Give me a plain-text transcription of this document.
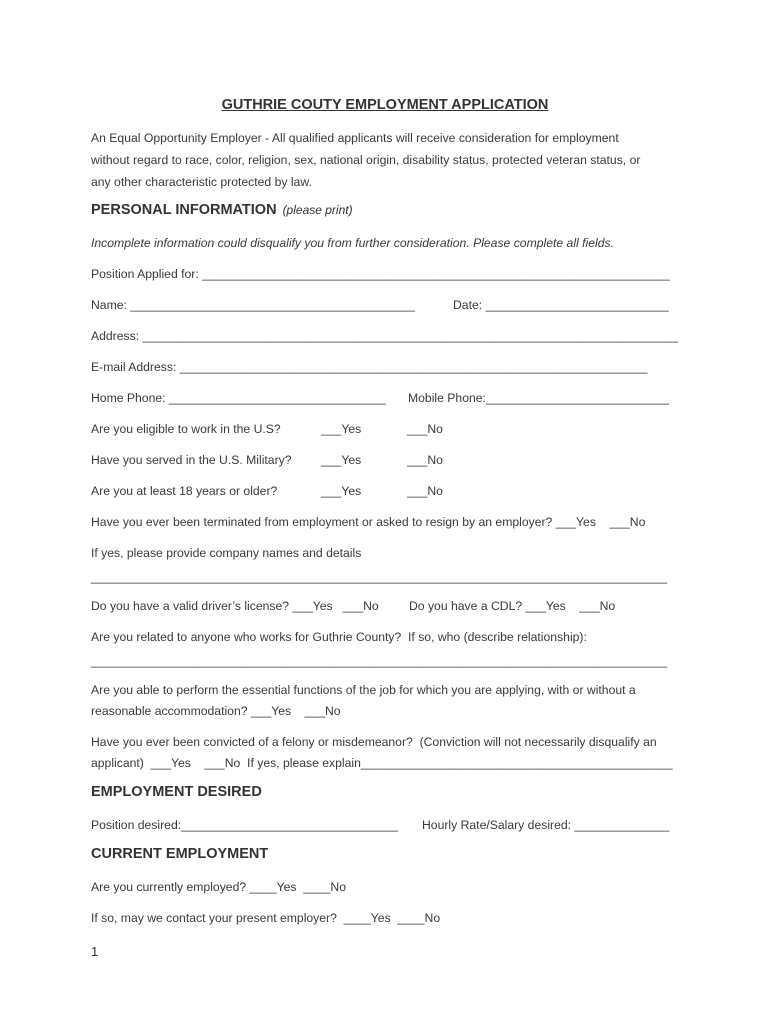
GUTHRIE COUTY EMPLOYMENT APPLICATION
An Equal Opportunity Employer - All qualified applicants will receive consideration for employment
without regard to race, color, religion, sex, national origin, disability status, protected veteran status, or
any other characteristic protected by law.
PERSONAL INFORMATION (please print)
Incomplete information could disqualify you from further consideration. Please complete all fields.
Position Applied for: _____________________________________________________________________
Name: __________________________________________	Date: ___________________________
Address: _______________________________________________________________________________
E-mail Address: _____________________________________________________________________
Home Phone: ________________________________ Mobile Phone:___________________________
Are you eligible to work in the U.S?	___Yes	___No
Have you served in the U.S. Military? ___Yes	___No
Are you at least 18 years or older?	___Yes	___No
Have you ever been terminated from employment or asked to resign by an employer? ___Yes    ___No
If yes, please provide company names and details
_____________________________________________________________________________________
Do you have a valid driver’s license? ___Yes   ___No Do you have a CDL? ___Yes    ___No
Are you related to anyone who works for Guthrie County?  If so, who (describe relationship):
_____________________________________________________________________________________
Are you able to perform the essential functions of the job for which you are applying, with or without a
reasonable accommodation? ___Yes    ___No
Have you ever been convicted of a felony or misdemeanor?  (Conviction will not necessarily disqualify an
applicant)  ___Yes    ___No  If yes, please explain______________________________________________
EMPLOYMENT DESIRED
Position desired:________________________________ Hourly Rate/Salary desired: ______________
CURRENT EMPLOYMENT
Are you currently employed? ____Yes  ____No
If so, may we contact your present employer?  ____Yes  ____No
1
